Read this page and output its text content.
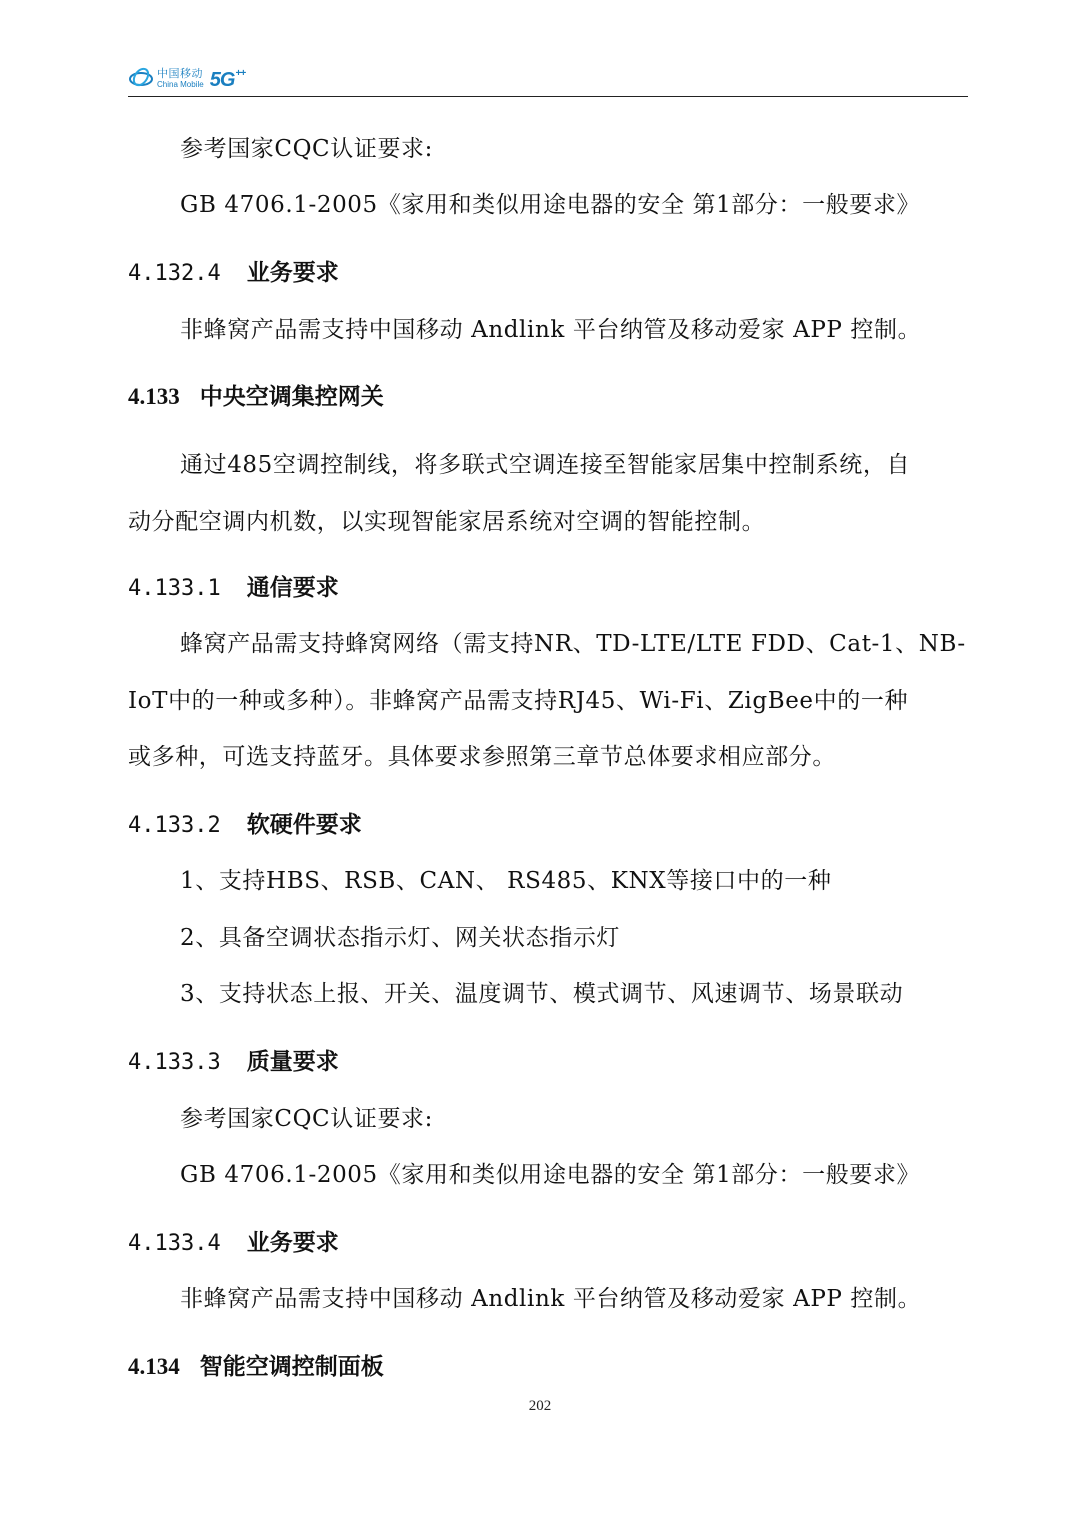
中国移动
China Mobile 5G++
参考国家CQC认证要求:
GB 4706.1-2005《家用和类似用途电器的安全 第1部分：一般要求》
4.132.4 业务要求
非蜂窝产品需支持中国移动 Andlink 平台纳管及移动爱家 APP 控制。
4.133 中央空调集控网关
通过485空调控制线，将多联式空调连接至智能家居集中控制系统，自
动分配空调内机数，以实现智能家居系统对空调的智能控制。
4.133.1 通信要求
蜂窝产品需支持蜂窝网络（需支持NR、TD-LTE/LTE FDD、Cat-1、NB-
IoT中的一种或多种）。非蜂窝产品需支持RJ45、Wi-Fi、ZigBee中的一种
或多种，可选支持蓝牙。具体要求参照第三章节总体要求相应部分。
4.133.2 软硬件要求
1、支持HBS、RSB、CAN、 RS485、KNX等接口中的一种
2、具备空调状态指示灯、网关状态指示灯
3、支持状态上报、开关、温度调节、模式调节、风速调节、场景联动
4.133.3 质量要求
参考国家CQC认证要求:
GB 4706.1-2005《家用和类似用途电器的安全 第1部分：一般要求》
4.133.4 业务要求
非蜂窝产品需支持中国移动 Andlink 平台纳管及移动爱家 APP 控制。
4.134 智能空调控制面板
202
